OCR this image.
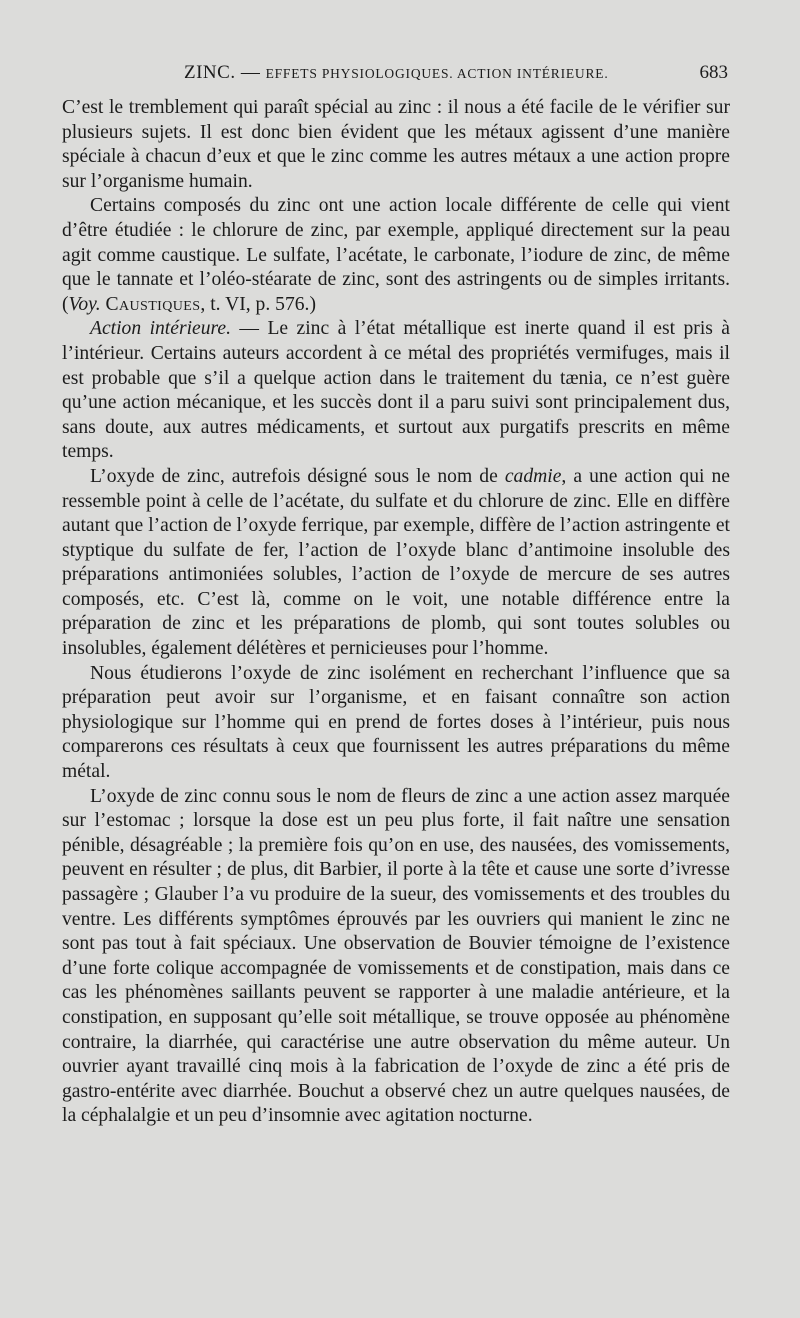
ZINC. — EFFETS PHYSIOLOGIQUES. ACTION INTÉRIEURE.	683

C’est le tremblement qui paraît spécial au zinc : il nous a été facile de le vérifier sur plusieurs sujets. Il est donc bien évident que les métaux agissent d’une manière spéciale à chacun d’eux et que le zinc comme les autres métaux a une action propre sur l’organisme humain.

Certains composés du zinc ont une action locale différente de celle qui vient d’être étudiée : le chlorure de zinc, par exemple, appliqué directement sur la peau agit comme caustique. Le sulfate, l’acétate, le carbonate, l’iodure de zinc, de même que le tannate et l’oléo-stéarate de zinc, sont des astringents ou de simples irritants. (Voy. Caustiques, t. VI, p. 576.)

Action intérieure. — Le zinc à l’état métallique est inerte quand il est pris à l’intérieur. Certains auteurs accordent à ce métal des propriétés vermifuges, mais il est probable que s’il a quelque action dans le traitement du tænia, ce n’est guère qu’une action mécanique, et les succès dont il a paru suivi sont principalement dus, sans doute, aux autres médicaments, et surtout aux purgatifs prescrits en même temps.

L’oxyde de zinc, autrefois désigné sous le nom de cadmie, a une action qui ne ressemble point à celle de l’acétate, du sulfate et du chlorure de zinc. Elle en diffère autant que l’action de l’oxyde ferrique, par exemple, diffère de l’action astringente et styptique du sulfate de fer, l’action de l’oxyde blanc d’antimoine insoluble des préparations antimoniées solubles, l’action de l’oxyde de mercure de ses autres composés, etc. C’est là, comme on le voit, une notable différence entre la préparation de zinc et les préparations de plomb, qui sont toutes solubles ou insolubles, également délétères et pernicieuses pour l’homme.

Nous étudierons l’oxyde de zinc isolément en recherchant l’influence que sa préparation peut avoir sur l’organisme, et en faisant connaître son action physiologique sur l’homme qui en prend de fortes doses à l’intérieur, puis nous comparerons ces résultats à ceux que fournissent les autres préparations du même métal.

L’oxyde de zinc connu sous le nom de fleurs de zinc a une action assez marquée sur l’estomac ; lorsque la dose est un peu plus forte, il fait naître une sensation pénible, désagréable ; la première fois qu’on en use, des nausées, des vomissements, peuvent en résulter ; de plus, dit Barbier, il porte à la tête et cause une sorte d’ivresse passagère ; Glauber l’a vu produire de la sueur, des vomissements et des troubles du ventre. Les différents symptômes éprouvés par les ouvriers qui manient le zinc ne sont pas tout à fait spéciaux. Une observation de Bouvier témoigne de l’existence d’une forte colique accompagnée de vomissements et de constipation, mais dans ce cas les phénomènes saillants peuvent se rapporter à une maladie antérieure, et la constipation, en supposant qu’elle soit métallique, se trouve opposée au phénomène contraire, la diarrhée, qui caractérise une autre observation du même auteur. Un ouvrier ayant travaillé cinq mois à la fabrication de l’oxyde de zinc a été pris de gastro-entérite avec diarrhée. Bouchut a observé chez un autre quelques nausées, de la céphalalgie et un peu d’insomnie avec agitation nocturne.
